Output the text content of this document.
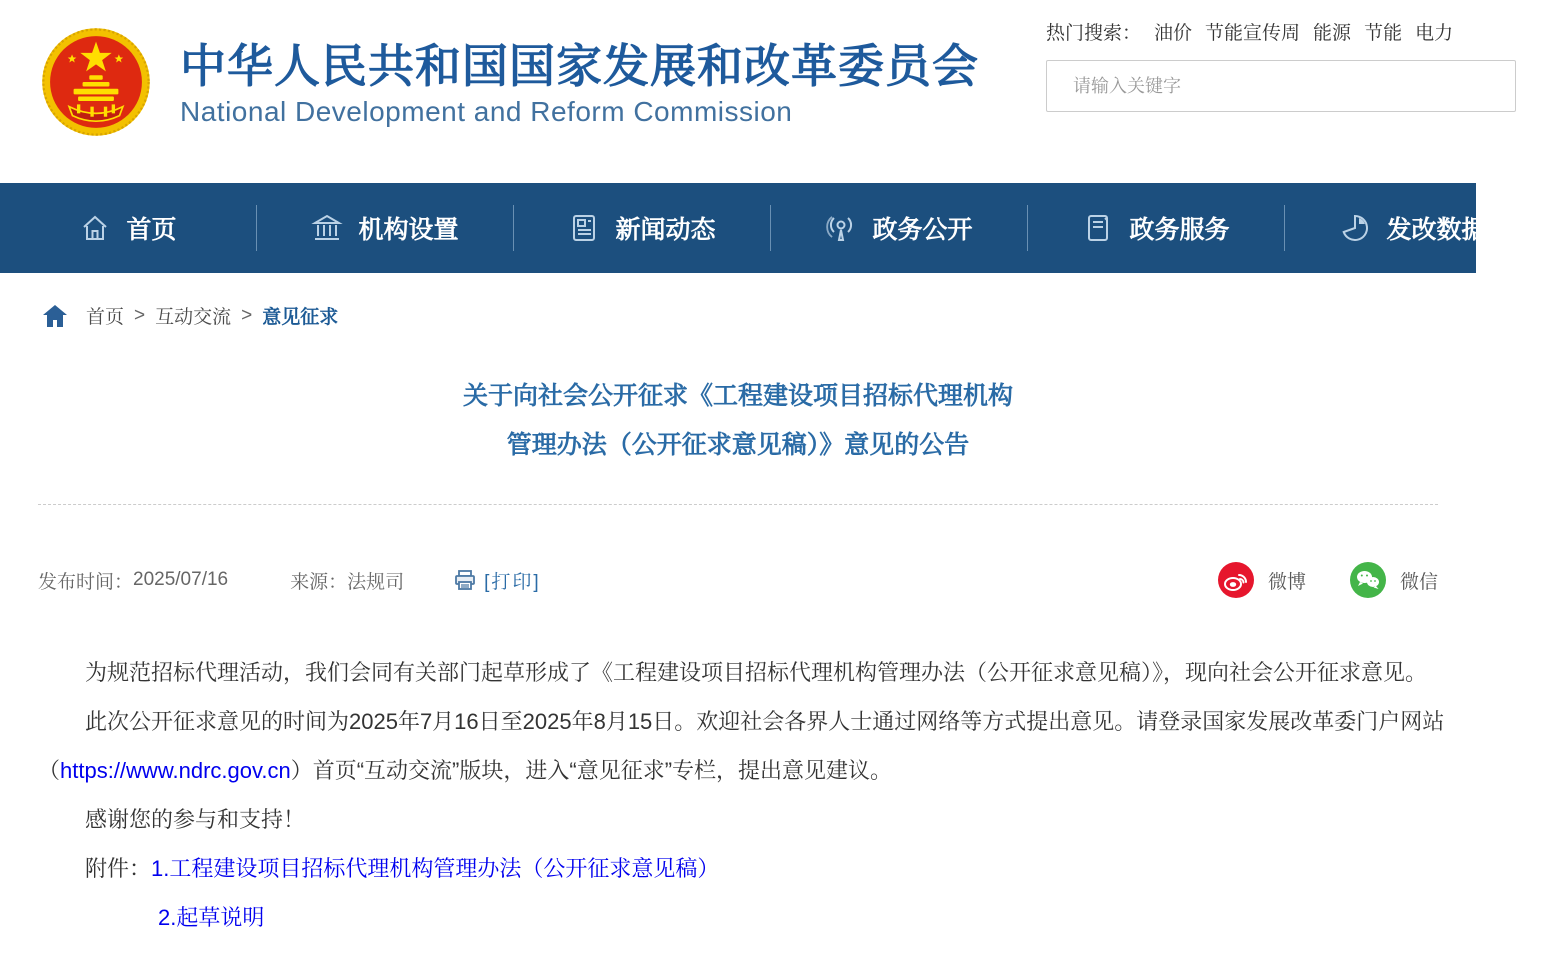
中华人民共和国国家发展和改革委员会
National Development and Reform Commission
热门搜索： 油价 节能宣传周 能源 节能 电力
请输入关键字
首页	机构设置	新闻动态	政务公开	政务服务	发改数据
首页 > 互动交流 > 意见征求
关于向社会公开征求《工程建设项目招标代理机构
管理办法（公开征求意见稿）》意见的公告
发布时间： 2025/07/16	来源： 法规司	[打印]	微博	微信

为规范招标代理活动，我们会同有关部门起草形成了《工程建设项目招标代理机构管理办法（公开征求意见稿）》，现向社会公开征求意见。

此次公开征求意见的时间为2025年7月16日至2025年8月15日。欢迎社会各界人士通过网络等方式提出意见。请登录国家发展改革委门户网站（https://www.ndrc.gov.cn）首页“互动交流”版块，进入“意见征求”专栏，提出意见建议。

感谢您的参与和支持！

附件：1.工程建设项目招标代理机构管理办法（公开征求意见稿）
2.起草说明
